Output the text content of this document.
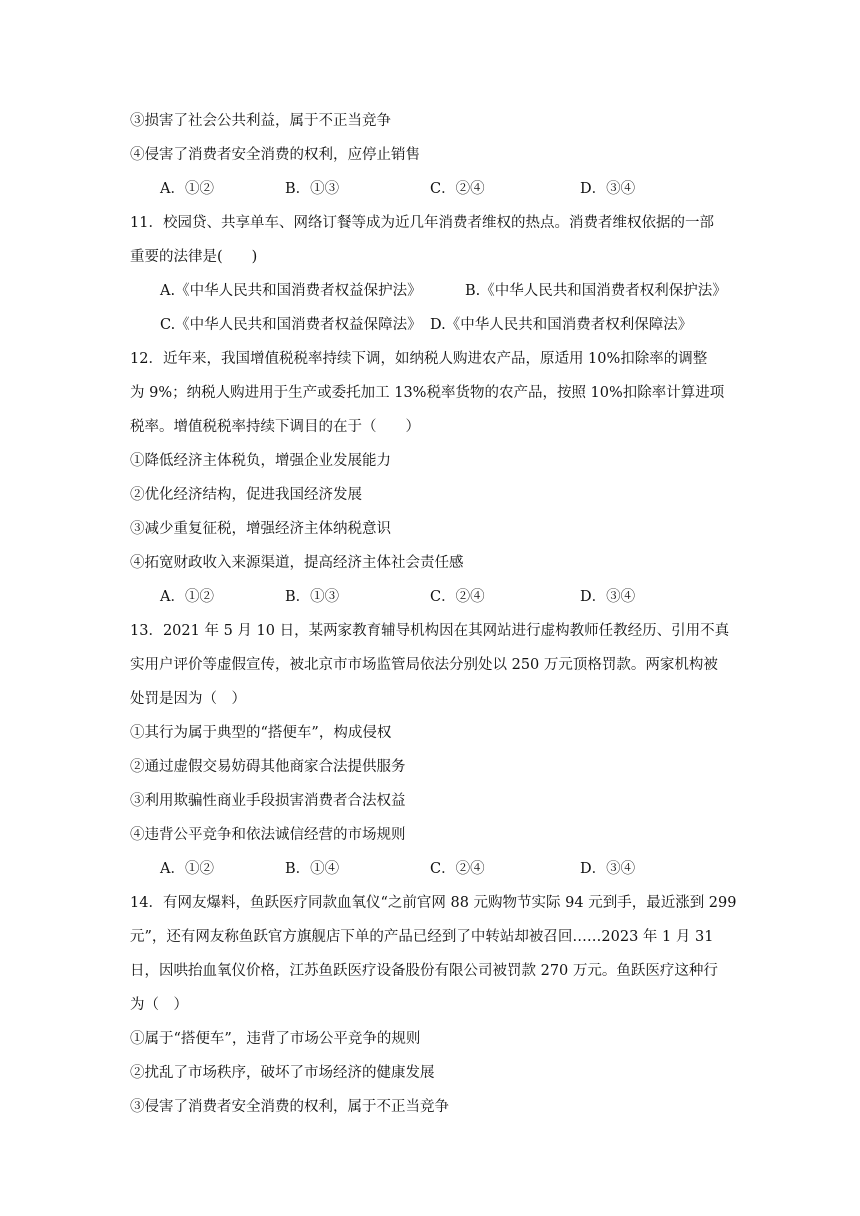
③损害了社会公共利益，属于不正当竞争
④侵害了消费者安全消费的权利，应停止销售
A．①②	B．①③	C．②④	D．③④
11．校园贷、共享单车、网络订餐等成为近几年消费者维权的热点。消费者维权依据的一部
重要的法律是(　　)
A.《中华人民共和国消费者权益保护法》	B.《中华人民共和国消费者权利保护法》
C.《中华人民共和国消费者权益保障法》 D.《中华人民共和国消费者权利保障法》
12．近年来，我国增值税税率持续下调，如纳税人购进农产品，原适用 10%扣除率的调整
为 9%；纳税人购进用于生产或委托加工 13%税率货物的农产品，按照 10%扣除率计算进项
税率。增值税税率持续下调目的在于（　　）
①降低经济主体税负，增强企业发展能力
②优化经济结构，促进我国经济发展
③减少重复征税，增强经济主体纳税意识
④拓宽财政收入来源渠道，提高经济主体社会责任感
A．①②	B．①③	C．②④	D．③④
13．2021 年 5 月 10 日，某两家教育辅导机构因在其网站进行虚构教师任教经历、引用不真
实用户评价等虚假宣传，被北京市市场监管局依法分别处以 250 万元顶格罚款。两家机构被
处罚是因为（　）
①其行为属于典型的“搭便车”，构成侵权
②通过虚假交易妨碍其他商家合法提供服务
③利用欺骗性商业手段损害消费者合法权益
④违背公平竞争和依法诚信经营的市场规则
A．①②	B．①④	C．②④	D．③④
14．有网友爆料，鱼跃医疗同款血氧仪“之前官网 88 元购物节实际 94 元到手，最近涨到 299
元”，还有网友称鱼跃官方旗舰店下单的产品已经到了中转站却被召回……2023 年 1 月 31
日，因哄抬血氧仪价格，江苏鱼跃医疗设备股份有限公司被罚款 270 万元。鱼跃医疗这种行
为（　）
①属于“搭便车”，违背了市场公平竞争的规则
②扰乱了市场秩序，破坏了市场经济的健康发展
③侵害了消费者安全消费的权利，属于不正当竞争
